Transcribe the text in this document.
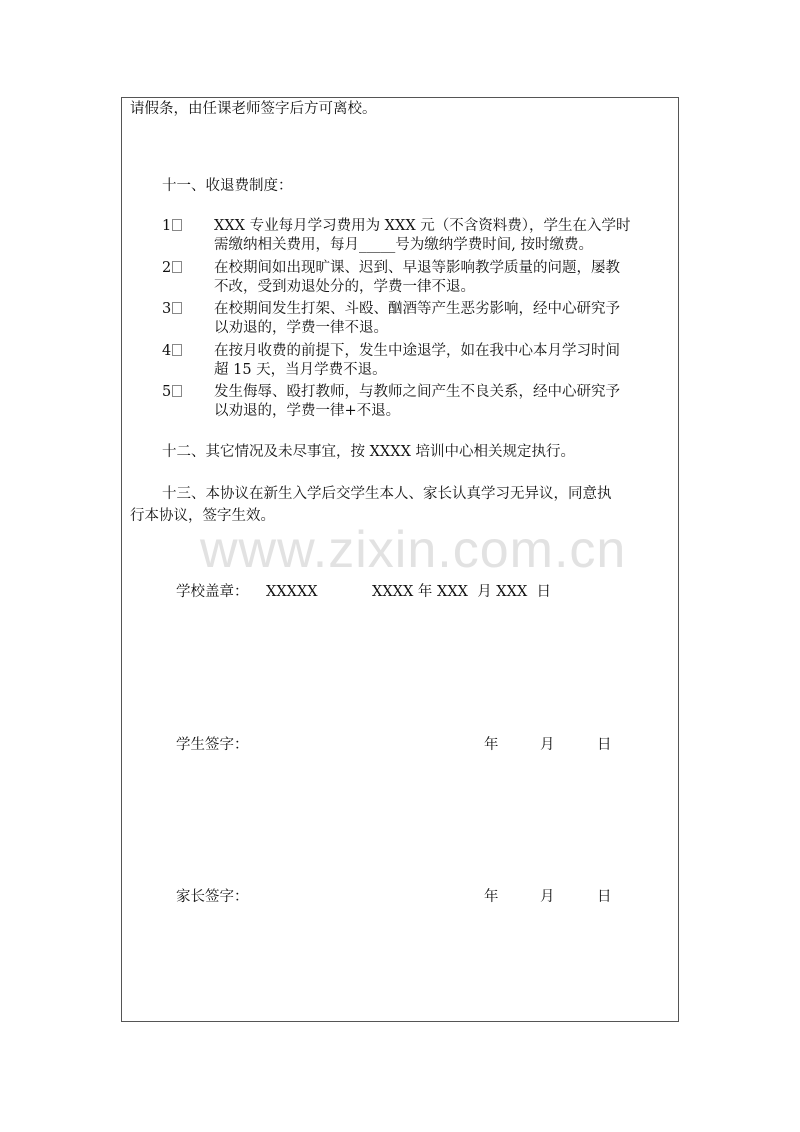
请假条，由任课老师签字后方可离校。
十一、收退费制度：
1	XXX 专业每月学习费用为 XXX 元（不含资料费），学生在入学时
需缴纳相关费用，每月_____号为缴纳学费时间, 按时缴费。
2	在校期间如出现旷课、迟到、早退等影响教学质量的问题，屡教
不改，受到劝退处分的，学费一律不退。
3	在校期间发生打架、斗殴、酗酒等产生恶劣影响，经中心研究予
以劝退的，学费一律不退。
4	在按月收费的前提下，发生中途退学，如在我中心本月学习时间
超 15 天，当月学费不退。
5	发生侮辱、殴打教师，与教师之间产生不良关系，经中心研究予
以劝退的，学费一律+不退。
十二、其它情况及未尽事宜，按 XXXX 培训中心相关规定执行。
十三、本协议在新生入学后交学生本人、家长认真学习无异议，同意执
行本协议，签字生效。
www.zixin.com.cn
学校盖章： XXXXX	XXXX 年 XXX  月 XXX  日
学生签字：	年	月	日
家长签字：	年	月	日
